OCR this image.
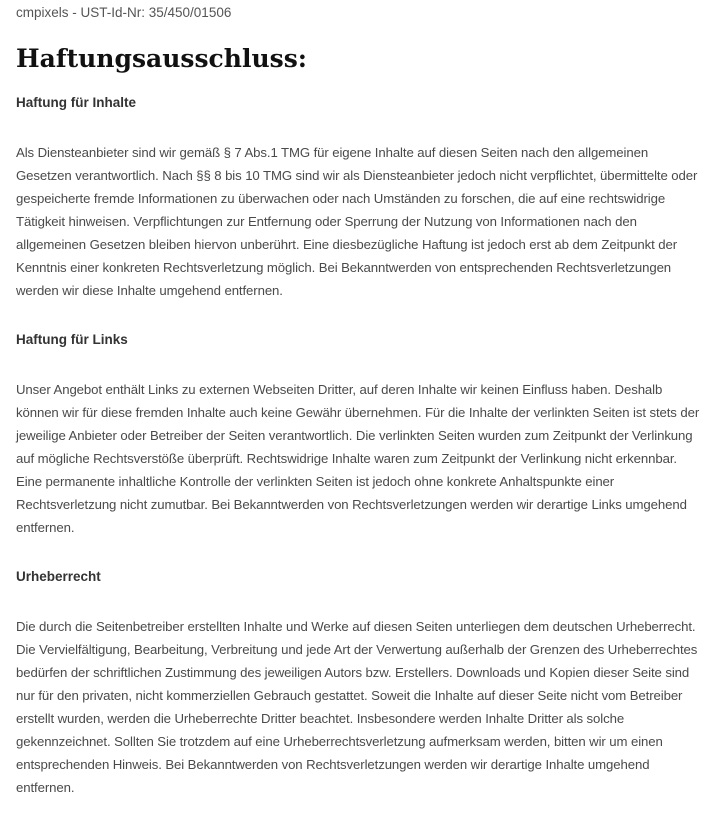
cmpixels - UST-Id-Nr: 35/450/01506

Haftungsausschluss:
Haftung für Inhalte

Als Diensteanbieter sind wir gemäß § 7 Abs.1 TMG für eigene Inhalte auf diesen Seiten nach den allgemeinen Gesetzen verantwortlich. Nach §§ 8 bis 10 TMG sind wir als Diensteanbieter jedoch nicht verpflichtet, übermittelte oder gespeicherte fremde Informationen zu überwachen oder nach Umständen zu forschen, die auf eine rechtswidrige Tätigkeit hinweisen. Verpflichtungen zur Entfernung oder Sperrung der Nutzung von Informationen nach den allgemeinen Gesetzen bleiben hiervon unberührt. Eine diesbezügliche Haftung ist jedoch erst ab dem Zeitpunkt der Kenntnis einer konkreten Rechtsverletzung möglich. Bei Bekanntwerden von entsprechenden Rechtsverletzungen werden wir diese Inhalte umgehend entfernen.

Haftung für Links

Unser Angebot enthält Links zu externen Webseiten Dritter, auf deren Inhalte wir keinen Einfluss haben. Deshalb können wir für diese fremden Inhalte auch keine Gewähr übernehmen. Für die Inhalte der verlinkten Seiten ist stets der jeweilige Anbieter oder Betreiber der Seiten verantwortlich. Die verlinkten Seiten wurden zum Zeitpunkt der Verlinkung auf mögliche Rechtsverstöße überprüft. Rechtswidrige Inhalte waren zum Zeitpunkt der Verlinkung nicht erkennbar. Eine permanente inhaltliche Kontrolle der verlinkten Seiten ist jedoch ohne konkrete Anhaltspunkte einer Rechtsverletzung nicht zumutbar. Bei Bekanntwerden von Rechtsverletzungen werden wir derartige Links umgehend entfernen.

Urheberrecht

Die durch die Seitenbetreiber erstellten Inhalte und Werke auf diesen Seiten unterliegen dem deutschen Urheberrecht. Die Vervielfältigung, Bearbeitung, Verbreitung und jede Art der Verwertung außerhalb der Grenzen des Urheberrechtes bedürfen der schriftlichen Zustimmung des jeweiligen Autors bzw. Erstellers. Downloads und Kopien dieser Seite sind nur für den privaten, nicht kommerziellen Gebrauch gestattet. Soweit die Inhalte auf dieser Seite nicht vom Betreiber erstellt wurden, werden die Urheberrechte Dritter beachtet. Insbesondere werden Inhalte Dritter als solche gekennzeichnet. Sollten Sie trotzdem auf eine Urheberrechtsverletzung aufmerksam werden, bitten wir um einen entsprechenden Hinweis. Bei Bekanntwerden von Rechtsverletzungen werden wir derartige Inhalte umgehend entfernen.
